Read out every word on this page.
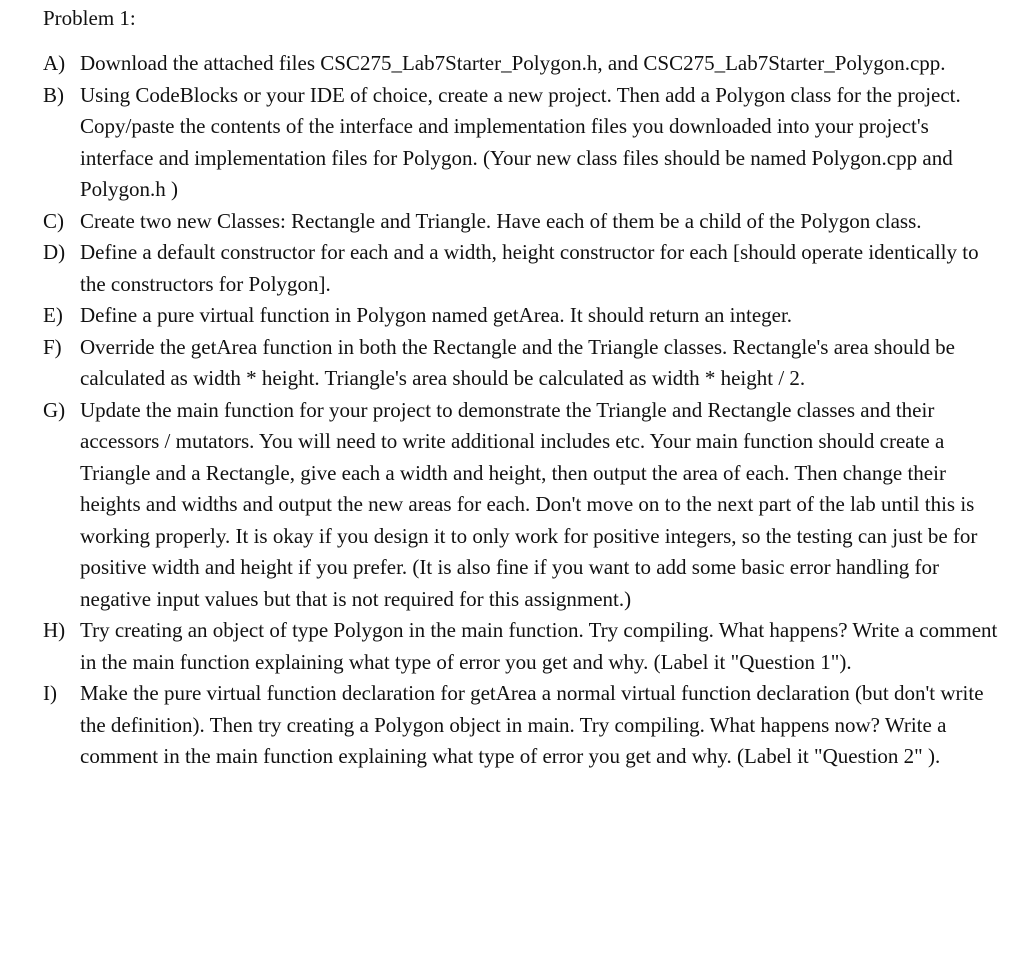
Problem 1:
A) Download the attached files CSC275_Lab7Starter_Polygon.h, and CSC275_Lab7Starter_Polygon.cpp.
B) Using CodeBlocks or your IDE of choice, create a new project. Then add a Polygon class for the project. Copy/paste the contents of the interface and implementation files you downloaded into your project's interface and implementation files for Polygon. (Your new class files should be named Polygon.cpp and Polygon.h )
C) Create two new Classes: Rectangle and Triangle. Have each of them be a child of the Polygon class.
D) Define a default constructor for each and a width, height constructor for each [should operate identically to the constructors for Polygon].
E) Define a pure virtual function in Polygon named getArea. It should return an integer.
F) Override the getArea function in both the Rectangle and the Triangle classes. Rectangle's area should be calculated as width * height. Triangle's area should be calculated as width * height / 2.
G) Update the main function for your project to demonstrate the Triangle and Rectangle classes and their accessors / mutators. You will need to write additional includes etc. Your main function should create a Triangle and a Rectangle, give each a width and height, then output the area of each. Then change their heights and widths and output the new areas for each. Don't move on to the next part of the lab until this is working properly. It is okay if you design it to only work for positive integers, so the testing can just be for positive width and height if you prefer. (It is also fine if you want to add some basic error handling for negative input values but that is not required for this assignment.)
H) Try creating an object of type Polygon in the main function. Try compiling. What happens? Write a comment in the main function explaining what type of error you get and why. (Label it "Question 1").
I) Make the pure virtual function declaration for getArea a normal virtual function declaration (but don't write the definition). Then try creating a Polygon object in main. Try compiling. What happens now? Write a comment in the main function explaining what type of error you get and why. (Label it "Question 2" ).
